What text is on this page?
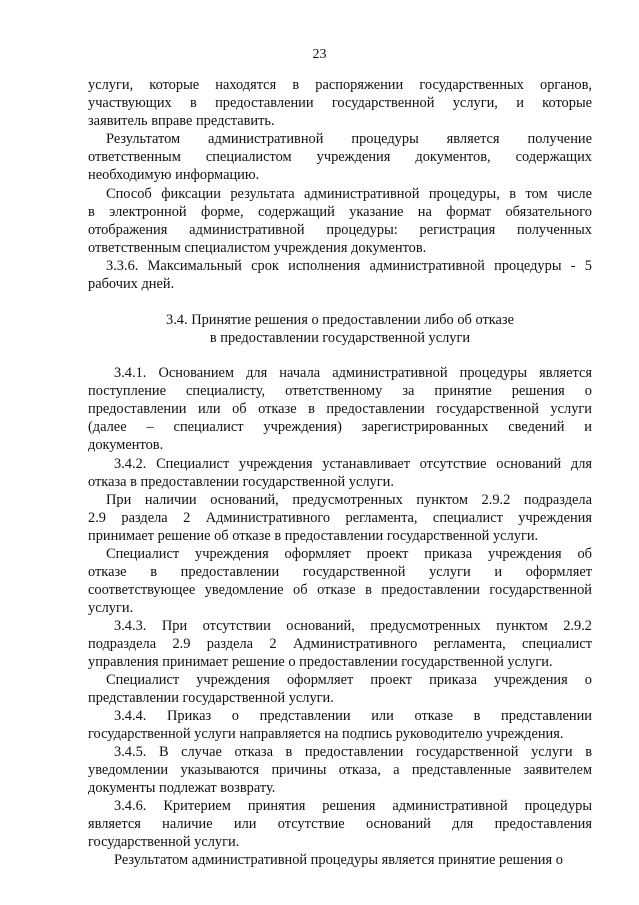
23
услуги, которые находятся в распоряжении государственных органов,
участвующих в предоставлении государственной услуги, и которые
заявитель вправе представить.
Результатом административной процедуры является получение
ответственным специалистом учреждения документов, содержащих
необходимую информацию.
Способ фиксации результата административной процедуры, в том числе
в электронной форме, содержащий указание на формат обязательного
отображения административной процедуры: регистрация полученных
ответственным специалистом учреждения документов.
3.3.6. Максимальный срок исполнения административной процедуры - 5
рабочих дней.
3.4. Принятие решения о предоставлении либо об отказе
в предоставлении государственной услуги
3.4.1. Основанием для начала административной процедуры является
поступление специалисту, ответственному за принятие решения о
предоставлении или об отказе в предоставлении государственной услуги
(далее – специалист учреждения) зарегистрированных сведений и
документов.
3.4.2. Специалист учреждения устанавливает отсутствие оснований для
отказа в предоставлении государственной услуги.
При наличии оснований, предусмотренных пунктом 2.9.2 подраздела
2.9 раздела 2 Административного регламента, специалист учреждения
принимает решение об отказе в предоставлении государственной услуги.
Специалист учреждения оформляет проект приказа учреждения об
отказе в предоставлении государственной услуги и оформляет
соответствующее уведомление об отказе в предоставлении государственной
услуги.
3.4.3. При отсутствии оснований, предусмотренных пунктом 2.9.2
подраздела 2.9 раздела 2 Административного регламента, специалист
управления принимает решение о предоставлении государственной услуги.
Специалист учреждения оформляет проект приказа учреждения о
представлении государственной услуги.
3.4.4. Приказ о представлении или отказе в представлении
государственной услуги направляется на подпись руководителю учреждения.
3.4.5. В случае отказа в предоставлении государственной услуги в
уведомлении указываются причины отказа, а представленные заявителем
документы подлежат возврату.
3.4.6. Критерием принятия решения административной процедуры
является наличие или отсутствие оснований для предоставления
государственной услуги.
Результатом административной процедуры является принятие решения о
